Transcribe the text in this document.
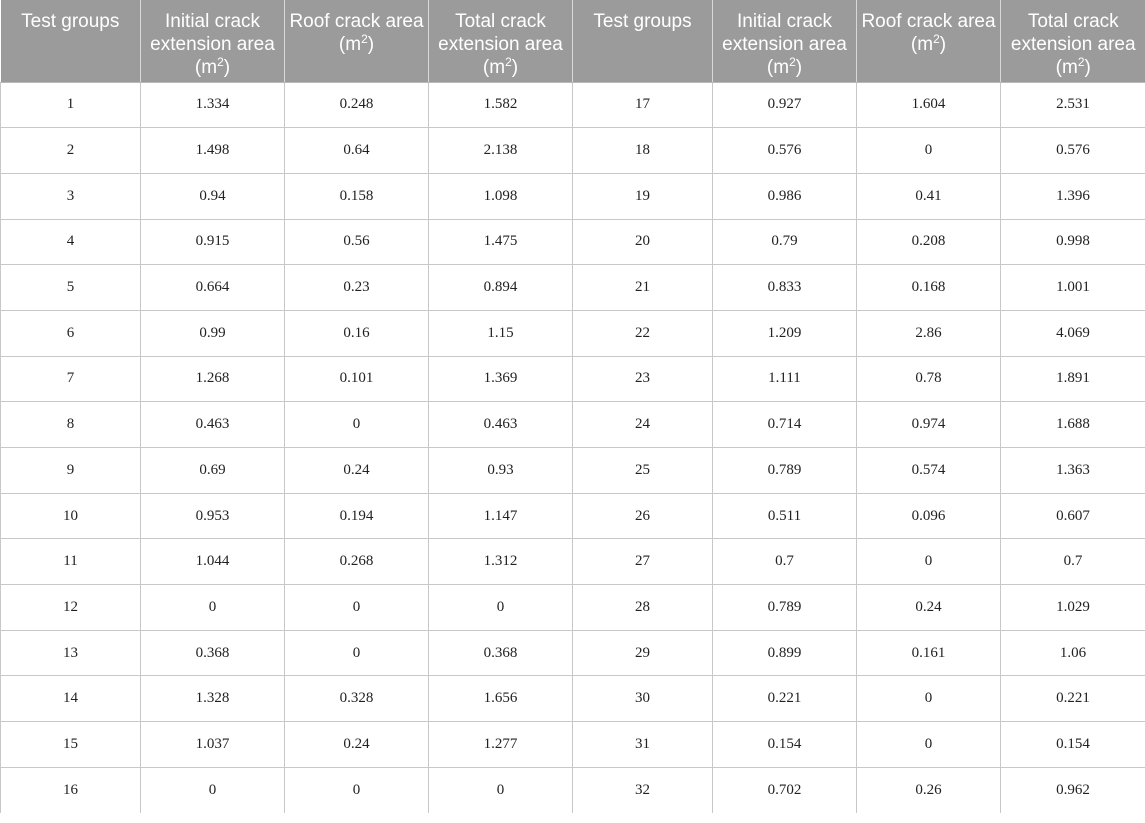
Test groups	Initial crack extension area $(m^2)$	Roof crack area $(m^2)$	Total crack extension area $(m^2)$	Test groups	Initial crack extension area $(m^2)$	Roof crack area $(m^2)$	Total crack extension area $(m^2)$
1	1.334	0.248	1.582	17	0.927	1.604	2.531
2	1.498	0.64	2.138	18	0.576	0	0.576
3	0.94	0.158	1.098	19	0.986	0.41	1.396
4	0.915	0.56	1.475	20	0.79	0.208	0.998
5	0.664	0.23	0.894	21	0.833	0.168	1.001
6	0.99	0.16	1.15	22	1.209	2.86	4.069
7	1.268	0.101	1.369	23	1.111	0.78	1.891
8	0.463	0	0.463	24	0.714	0.974	1.688
9	0.69	0.24	0.93	25	0.789	0.574	1.363
10	0.953	0.194	1.147	26	0.511	0.096	0.607
11	1.044	0.268	1.312	27	0.7	0	0.7
12	0	0	0	28	0.789	0.24	1.029
13	0.368	0	0.368	29	0.899	0.161	1.06
14	1.328	0.328	1.656	30	0.221	0	0.221
15	1.037	0.24	1.277	31	0.154	0	0.154
16	0	0	0	32	0.702	0.26	0.962
